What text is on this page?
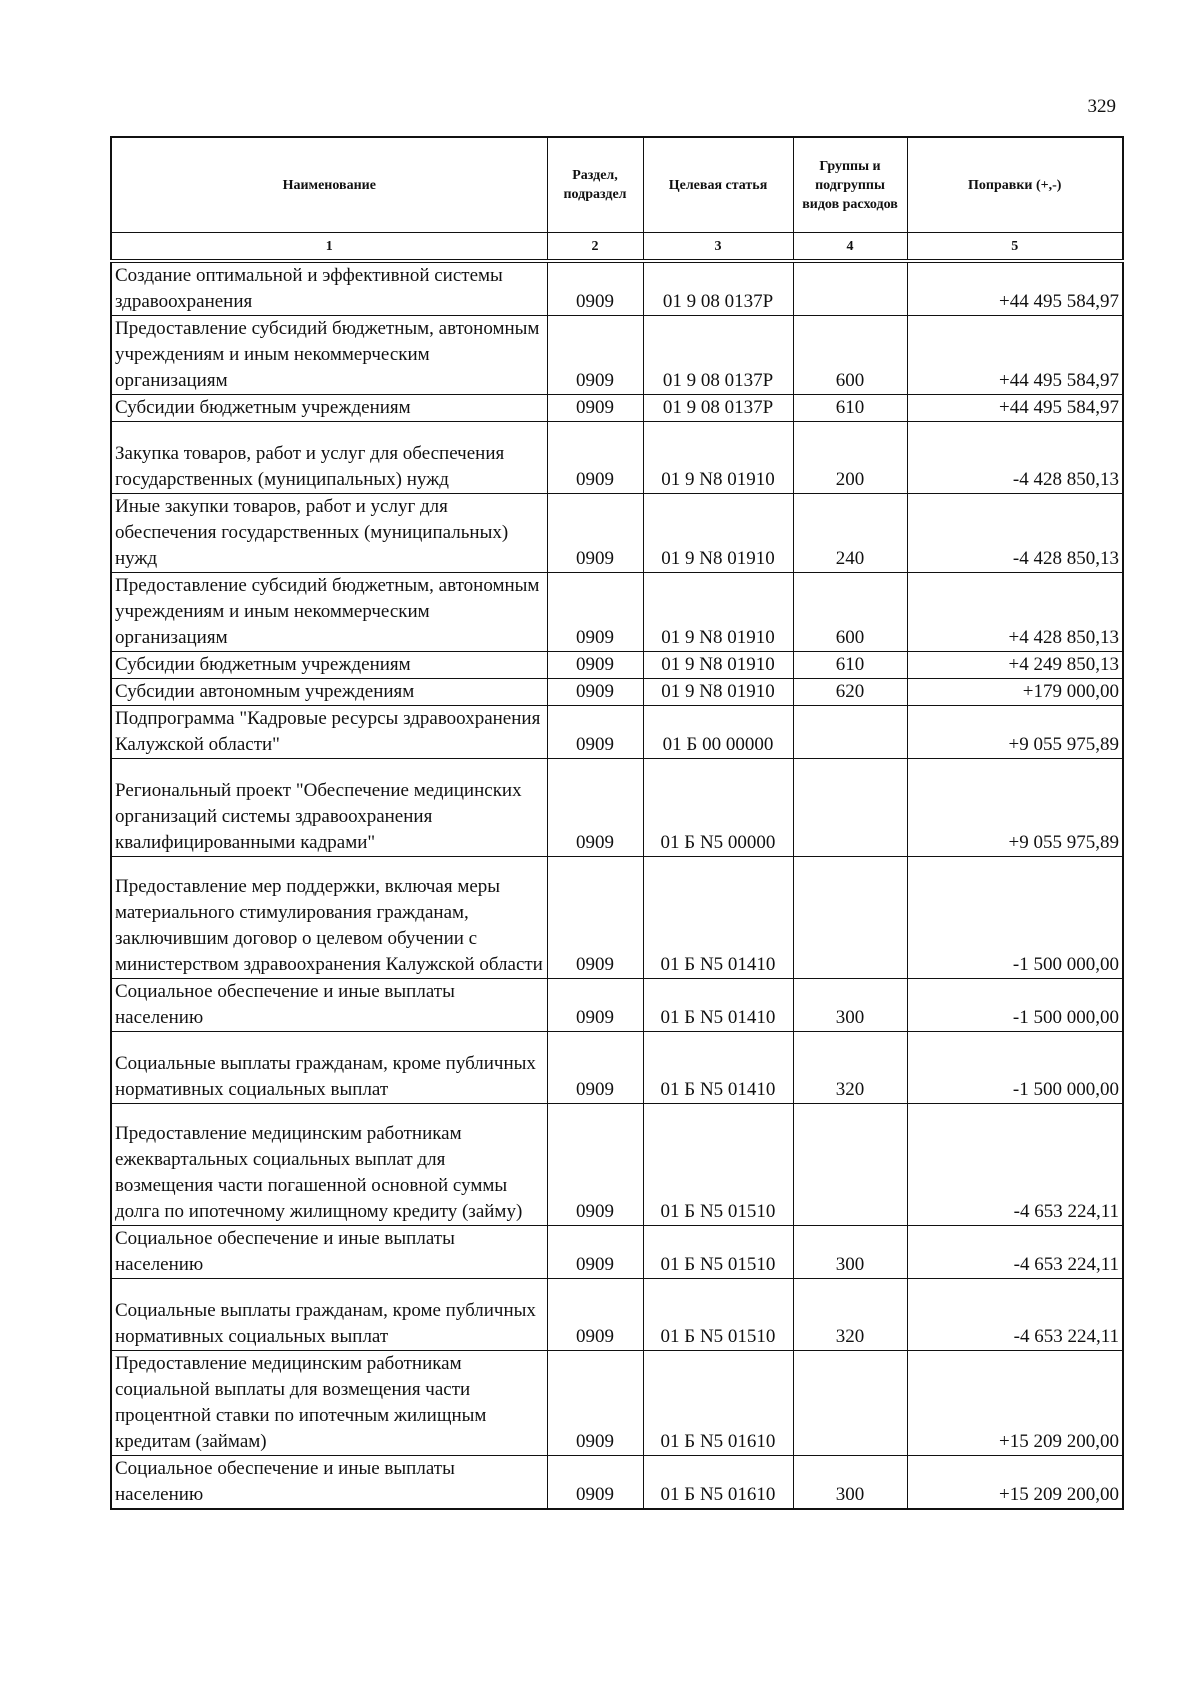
329
Наименование	Раздел, подраздел	Целевая статья	Группы и подгруппы видов расходов	Поправки (+,-)
1	2	3	4	5
Создание оптимальной и эффективной системы здравоохранения	0909	01 9 08 0137P		+44 495 584,97
Предоставление субсидий бюджетным, автономным учреждениям и иным некоммерческим организациям	0909	01 9 08 0137P	600	+44 495 584,97
Субсидии бюджетным учреждениям	0909	01 9 08 0137P	610	+44 495 584,97
Закупка товаров, работ и услуг для обеспечения государственных (муниципальных) нужд	0909	01 9 N8 01910	200	-4 428 850,13
Иные закупки товаров, работ и услуг для обеспечения государственных (муниципальных) нужд	0909	01 9 N8 01910	240	-4 428 850,13
Предоставление субсидий бюджетным, автономным учреждениям и иным некоммерческим организациям	0909	01 9 N8 01910	600	+4 428 850,13
Субсидии бюджетным учреждениям	0909	01 9 N8 01910	610	+4 249 850,13
Субсидии автономным учреждениям	0909	01 9 N8 01910	620	+179 000,00
Подпрограмма "Кадровые ресурсы здравоохранения Калужской области"	0909	01 Б 00 00000		+9 055 975,89
Региональный проект "Обеспечение медицинских организаций системы здравоохранения квалифицированными кадрами"	0909	01 Б N5 00000		+9 055 975,89
Предоставление мер поддержки, включая меры материального стимулирования гражданам, заключившим договор о целевом обучении с министерством здравоохранения Калужской области	0909	01 Б N5 01410		-1 500 000,00
Социальное обеспечение и иные выплаты населению	0909	01 Б N5 01410	300	-1 500 000,00
Социальные выплаты гражданам, кроме публичных нормативных социальных выплат	0909	01 Б N5 01410	320	-1 500 000,00
Предоставление медицинским работникам ежеквартальных социальных выплат для возмещения части погашенной основной суммы долга по ипотечному жилищному кредиту (займу)	0909	01 Б N5 01510		-4 653 224,11
Социальное обеспечение и иные выплаты населению	0909	01 Б N5 01510	300	-4 653 224,11
Социальные выплаты гражданам, кроме публичных нормативных социальных выплат	0909	01 Б N5 01510	320	-4 653 224,11
Предоставление медицинским работникам социальной выплаты для возмещения части процентной ставки по ипотечным жилищным кредитам (займам)	0909	01 Б N5 01610		+15 209 200,00
Социальное обеспечение и иные выплаты населению	0909	01 Б N5 01610	300	+15 209 200,00
